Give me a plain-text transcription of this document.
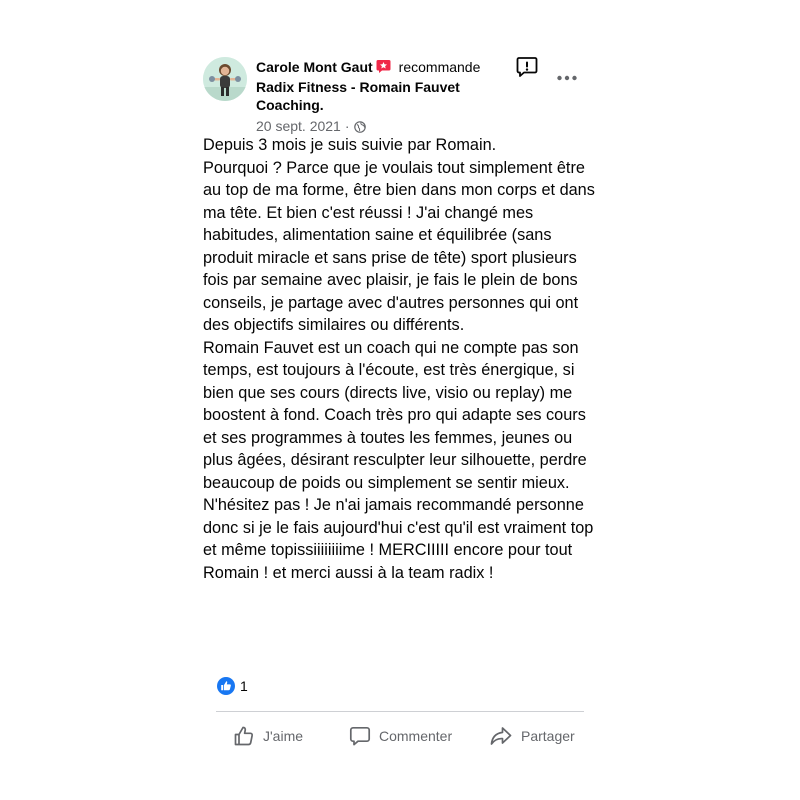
Carole Mont Gaut recommande
Radix Fitness - Romain Fauvet Coaching.
20 sept. 2021 ·
Depuis 3 mois je suis suivie par Romain.
Pourquoi ? Parce que je voulais tout simplement être au top de ma forme, être bien dans mon corps et dans ma tête. Et bien c'est réussi ! J'ai changé mes habitudes, alimentation saine et équilibrée (sans produit miracle et sans prise de tête) sport plusieurs fois par semaine avec plaisir, je fais le plein de bons conseils, je partage avec d'autres personnes qui ont des objectifs similaires ou différents.
Romain Fauvet est un coach qui ne compte pas son temps, est toujours à l'écoute, est très énergique, si bien que ses cours (directs live, visio ou replay) me boostent à fond. Coach très pro qui adapte ses cours et ses programmes à toutes les femmes, jeunes ou plus âgées, désirant resculpter leur silhouette, perdre beaucoup de poids ou simplement se sentir mieux. N'hésitez pas ! Je n'ai jamais recommandé personne donc si je le fais aujourd'hui c'est qu'il est vraiment top et même topissiiiiiiiime ! MERCIIIII encore pour tout Romain ! et merci aussi à la team radix !
1
J'aime	Commenter	Partager
